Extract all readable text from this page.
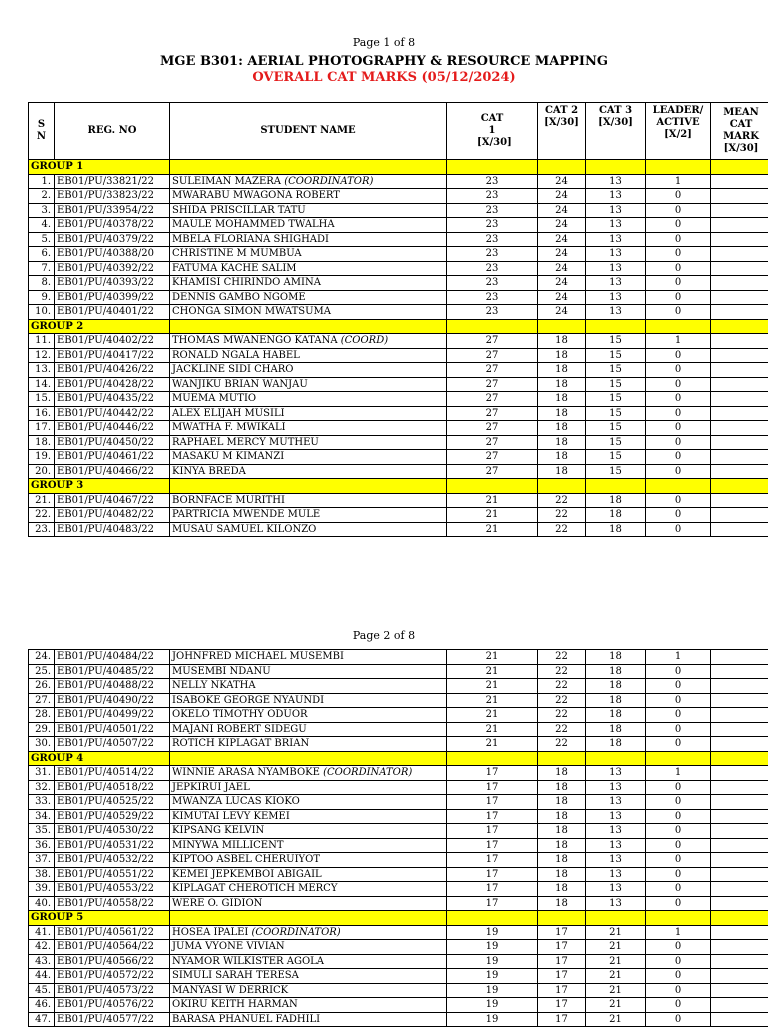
Page 1 of 8
MGE B301: AERIAL PHOTOGRAPHY & RESOURCE MAPPING
OVERALL CAT MARKS (05/12/2024)
S N	REG. NO	STUDENT NAME	CAT 1 [X/30]	CAT 2 [X/30]	CAT 3 [X/30]	LEADER/ ACTIVE [X/2]	MEAN CAT MARK [X/30]
GROUP 1							
1.	EB01/PU/33821/22	SULEIMAN MAZERA (COORDINATOR)	23	24	13	1	
2.	EB01/PU/33823/22	MWARABU MWAGONA ROBERT	23	24	13	0	
3.	EB01/PU/33954/22	SHIDA PRISCILLAR TATU	23	24	13	0	
4.	EB01/PU/40378/22	MAULE MOHAMMED TWALHA	23	24	13	0	
5.	EB01/PU/40379/22	MBELA FLORIANA SHIGHADI	23	24	13	0	
6.	EB01/PU/40388/20	CHRISTINE M MUMBUA	23	24	13	0	
7.	EB01/PU/40392/22	FATUMA KACHE SALIM	23	24	13	0	
8.	EB01/PU/40393/22	KHAMISI CHIRINDO AMINA	23	24	13	0	
9.	EB01/PU/40399/22	DENNIS GAMBO NGOME	23	24	13	0	
10.	EB01/PU/40401/22	CHONGA SIMON MWATSUMA	23	24	13	0	
GROUP 2							
11.	EB01/PU/40402/22	THOMAS MWANENGO KATANA (COORD)	27	18	15	1	
12.	EB01/PU/40417/22	RONALD NGALA HABEL	27	18	15	0	
13.	EB01/PU/40426/22	JACKLINE SIDI CHARO	27	18	15	0	
14.	EB01/PU/40428/22	WANJIKU BRIAN WANJAU	27	18	15	0	
15.	EB01/PU/40435/22	MUEMA MUTIO	27	18	15	0	
16.	EB01/PU/40442/22	ALEX ELIJAH MUSILI	27	18	15	0	
17.	EB01/PU/40446/22	MWATHA F. MWIKALI	27	18	15	0	
18.	EB01/PU/40450/22	RAPHAEL MERCY MUTHEU	27	18	15	0	
19.	EB01/PU/40461/22	MASAKU M KIMANZI	27	18	15	0	
20.	EB01/PU/40466/22	KINYA BREDA	27	18	15	0	
GROUP 3							
21.	EB01/PU/40467/22	BORNFACE MURITHI	21	22	18	0	
22.	EB01/PU/40482/22	PARTRICIA MWENDE MULE	21	22	18	0	
23.	EB01/PU/40483/22	MUSAU SAMUEL KILONZO	21	22	18	0	
Page 2 of 8
24.	EB01/PU/40484/22	JOHNFRED MICHAEL MUSEMBI	21	22	18	1	
25.	EB01/PU/40485/22	MUSEMBI NDANU	21	22	18	0	
26.	EB01/PU/40488/22	NELLY NKATHA	21	22	18	0	
27.	EB01/PU/40490/22	ISABOKE GEORGE NYAUNDI	21	22	18	0	
28.	EB01/PU/40499/22	OKELO TIMOTHY ODUOR	21	22	18	0	
29.	EB01/PU/40501/22	MAJANI ROBERT SIDEGU	21	22	18	0	
30.	EB01/PU/40507/22	ROTICH KIPLAGAT BRIAN	21	22	18	0	
GROUP 4							
31.	EB01/PU/40514/22	WINNIE ARASA NYAMBOKE (COORDINATOR)	17	18	13	1	
32.	EB01/PU/40518/22	JEPKIRUI JAEL	17	18	13	0	
33.	EB01/PU/40525/22	MWANZA LUCAS KIOKO	17	18	13	0	
34.	EB01/PU/40529/22	KIMUTAI LEVY KEMEI	17	18	13	0	
35.	EB01/PU/40530/22	KIPSANG KELVIN	17	18	13	0	
36.	EB01/PU/40531/22	MINYWA MILLICENT	17	18	13	0	
37.	EB01/PU/40532/22	KIPTOO ASBEL CHERUIYOT	17	18	13	0	
38.	EB01/PU/40551/22	KEMEI JEPKEMBOI ABIGAIL	17	18	13	0	
39.	EB01/PU/40553/22	KIPLAGAT CHEROTICH MERCY	17	18	13	0	
40.	EB01/PU/40558/22	WERE O. GIDION	17	18	13	0	
GROUP 5							
41.	EB01/PU/40561/22	HOSEA IPALEI (COORDINATOR)	19	17	21	1	
42.	EB01/PU/40564/22	JUMA VYONE VIVIAN	19	17	21	0	
43.	EB01/PU/40566/22	NYAMOR WILKISTER AGOLA	19	17	21	0	
44.	EB01/PU/40572/22	SIMULI SARAH TERESA	19	17	21	0	
45.	EB01/PU/40573/22	MANYASI W DERRICK	19	17	21	0	
46.	EB01/PU/40576/22	OKIRU KEITH HARMAN	19	17	21	0	
47.	EB01/PU/40577/22	BARASA PHANUEL FADHILI	19	17	21	0	
